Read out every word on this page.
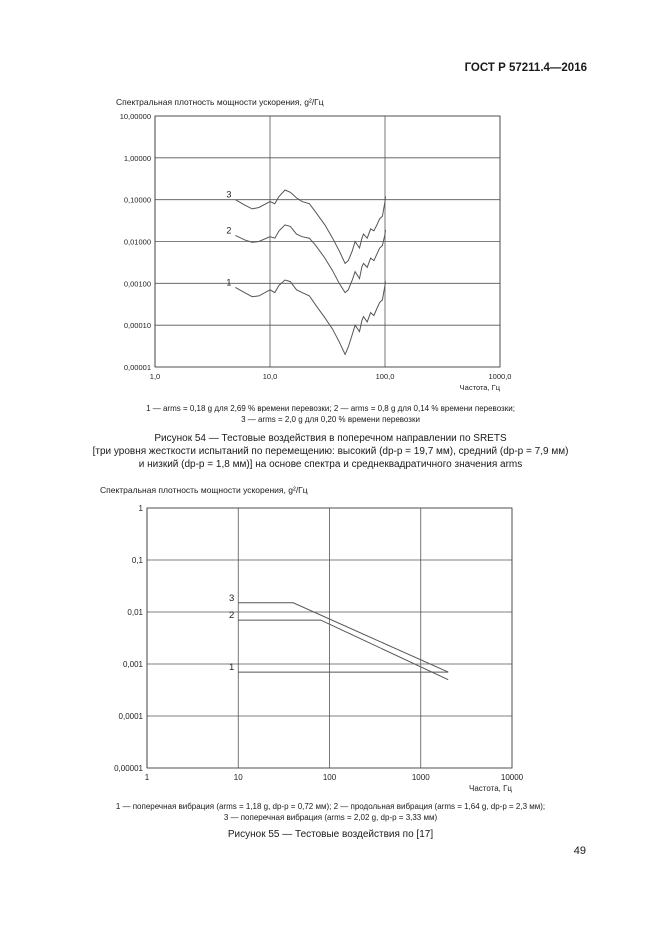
ГОСТ Р 57211.4—2016
Спектральная плотность мощности ускорения, g²/Гц
1,0	10,0	100,0	1000,0
10,00000
1,00000
0,10000
0,01000
0,00100
0,00010
0,00001
Частота, Гц
1
2
3
1 — arms = 0,18 g для 2,69 % времени перевозки; 2 — arms = 0,8 g для 0,14 % времени перевозки;
3 — arms = 2,0 g для 0,20 % времени перевозки
Рисунок 54 — Тестовые воздействия в поперечном направлении по SRETS
[три уровня жесткости испытаний по перемещению: высокий (dp-p = 19,7 мм), средний (dp-p = 7,9 мм)
и низкий (dp-p = 1,8 мм)] на основе спектра и среднеквадратичного значения arms
Спектральная плотность мощности ускорения, g²/Гц
1	10	100	1000	10000
1
0,1
0,01
0,001
0,0001
0,00001
Частота, Гц
1
2
3
1 — поперечная вибрация (arms = 1,18 g, dp-p = 0,72 мм); 2 — продольная вибрация (arms = 1,64 g, dp-p = 2,3 мм);
3 — поперечная вибрация (arms = 2,02 g, dp-p = 3,33 мм)
Рисунок 55 — Тестовые воздействия по [17]
49
